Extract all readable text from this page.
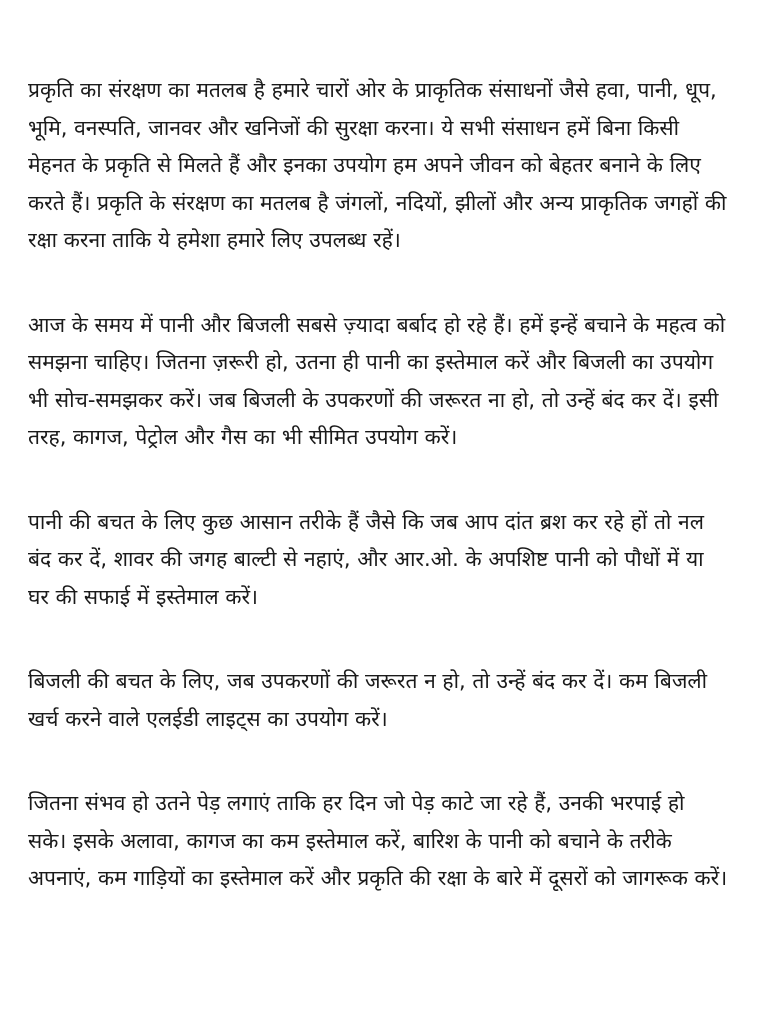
प्रकृति का संरक्षण का मतलब है हमारे चारों ओर के प्राकृतिक संसाधनों जैसे हवा, पानी, धूप, भूमि, वनस्पति, जानवर और खनिजों की सुरक्षा करना। ये सभी संसाधन हमें बिना किसी मेहनत के प्रकृति से मिलते हैं और इनका उपयोग हम अपने जीवन को बेहतर बनाने के लिए करते हैं। प्रकृति के संरक्षण का मतलब है जंगलों, नदियों, झीलों और अन्य प्राकृतिक जगहों की रक्षा करना ताकि ये हमेशा हमारे लिए उपलब्ध रहें।

आज के समय में पानी और बिजली सबसे ज़्यादा बर्बाद हो रहे हैं। हमें इन्हें बचाने के महत्व को समझना चाहिए। जितना ज़रूरी हो, उतना ही पानी का इस्तेमाल करें और बिजली का उपयोग भी सोच-समझकर करें। जब बिजली के उपकरणों की जरूरत ना हो, तो उन्हें बंद कर दें। इसी तरह, कागज, पेट्रोल और गैस का भी सीमित उपयोग करें।

पानी की बचत के लिए कुछ आसान तरीके हैं जैसे कि जब आप दांत ब्रश कर रहे हों तो नल बंद कर दें, शावर की जगह बाल्टी से नहाएं, और आर.ओ. के अपशिष्ट पानी को पौधों में या घर की सफाई में इस्तेमाल करें।

बिजली की बचत के लिए, जब उपकरणों की जरूरत न हो, तो उन्हें बंद कर दें। कम बिजली खर्च करने वाले एलईडी लाइट्स का उपयोग करें।

जितना संभव हो उतने पेड़ लगाएं ताकि हर दिन जो पेड़ काटे जा रहे हैं, उनकी भरपाई हो सके। इसके अलावा, कागज का कम इस्तेमाल करें, बारिश के पानी को बचाने के तरीके अपनाएं, कम गाड़ियों का इस्तेमाल करें और प्रकृति की रक्षा के बारे में दूसरों को जागरूक करें।
